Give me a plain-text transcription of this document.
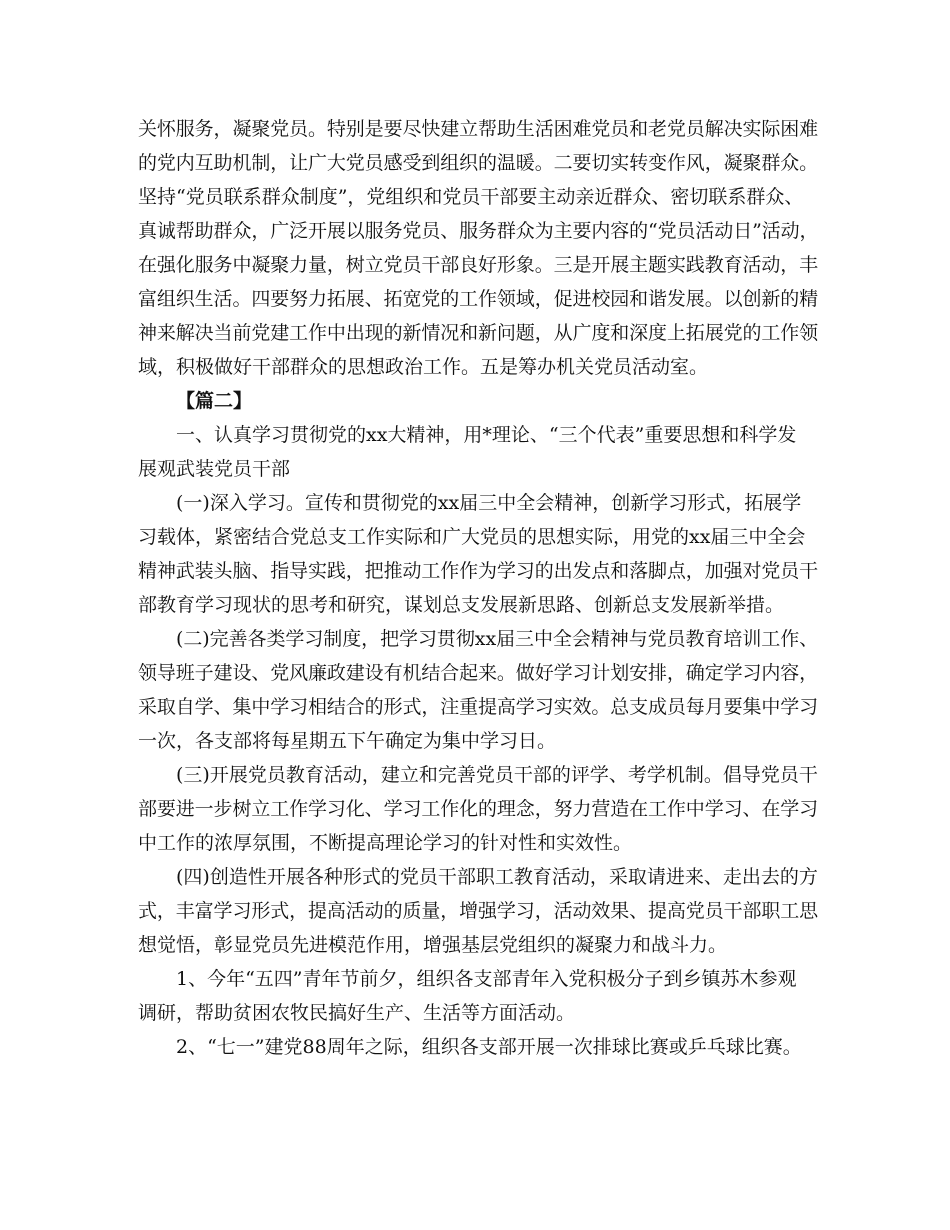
关怀服务，凝聚党员。特别是要尽快建立帮助生活困难党员和老党员解决实际困难
的党内互助机制，让广大党员感受到组织的温暖。二要切实转变作风，凝聚群众。
坚持“党员联系群众制度”，党组织和党员干部要主动亲近群众、密切联系群众、
真诚帮助群众，广泛开展以服务党员、服务群众为主要内容的“党员活动日”活动，
在强化服务中凝聚力量，树立党员干部良好形象。三是开展主题实践教育活动，丰
富组织生活。四要努力拓展、拓宽党的工作领域，促进校园和谐发展。以创新的精
神来解决当前党建工作中出现的新情况和新问题，从广度和深度上拓展党的工作领
域，积极做好干部群众的思想政治工作。五是筹办机关党员活动室。
【篇二】
一、认真学习贯彻党的xx大精神，用*理论、“三个代表”重要思想和科学发
展观武装党员干部
(一)深入学习。宣传和贯彻党的xx届三中全会精神，创新学习形式，拓展学
习载体，紧密结合党总支工作实际和广大党员的思想实际，用党的xx届三中全会
精神武装头脑、指导实践，把推动工作作为学习的出发点和落脚点，加强对党员干
部教育学习现状的思考和研究，谋划总支发展新思路、创新总支发展新举措。
(二)完善各类学习制度，把学习贯彻xx届三中全会精神与党员教育培训工作、
领导班子建设、党风廉政建设有机结合起来。做好学习计划安排，确定学习内容，
采取自学、集中学习相结合的形式，注重提高学习实效。总支成员每月要集中学习
一次，各支部将每星期五下午确定为集中学习日。
(三)开展党员教育活动，建立和完善党员干部的评学、考学机制。倡导党员干
部要进一步树立工作学习化、学习工作化的理念，努力营造在工作中学习、在学习
中工作的浓厚氛围，不断提高理论学习的针对性和实效性。
(四)创造性开展各种形式的党员干部职工教育活动，采取请进来、走出去的方
式，丰富学习形式，提高活动的质量，增强学习，活动效果、提高党员干部职工思
想觉悟，彰显党员先进模范作用，增强基层党组织的凝聚力和战斗力。
1、今年“五四”青年节前夕，组织各支部青年入党积极分子到乡镇苏木参观
调研，帮助贫困农牧民搞好生产、生活等方面活动。
2、“七一”建党88周年之际，组织各支部开展一次排球比赛或乒乓球比赛。
